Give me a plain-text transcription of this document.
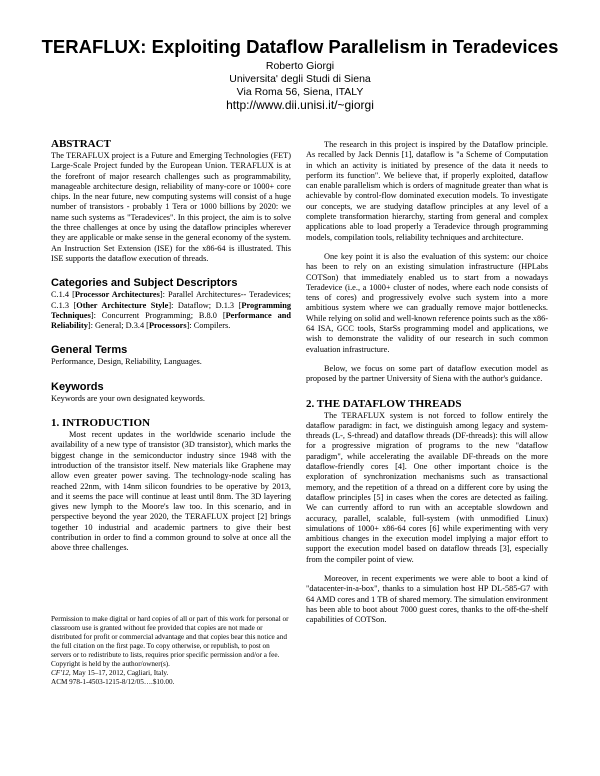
TERAFLUX: Exploiting Dataflow Parallelism in Teradevices
Roberto Giorgi
Universita' degli Studi di Siena
Via Roma 56, Siena, ITALY
http://www.dii.unisi.it/~giorgi
ABSTRACT

The TERAFLUX project is a Future and Emerging Technologies (FET) Large-Scale Project funded by the European Union. TERAFLUX is at the forefront of major research challenges such as programmability, manageable architecture design, reliability of many-core or 1000+ core chips. In the near future, new computing systems will consist of a huge number of transistors - probably 1 Tera or 1000 billions by 2020: we name such systems as "Teradevices". In this project, the aim is to solve the three challenges at once by using the dataflow principles wherever they are applicable or make sense in the general economy of the system. An Instruction Set Extension (ISE) for the x86-64 is illustrated. This ISE supports the dataflow execution of threads.

Categories and Subject Descriptors

C.1.4 [Processor Architectures]: Parallel Architectures-- Teradevices; C.1.3 [Other Architecture Style]: Dataflow; D.1.3 [Programming Techniques]: Concurrent Programming; B.8.0 [Performance and Reliability]: General; D.3.4 [Processors]: Compilers.

General Terms

Performance, Design, Reliability, Languages.

Keywords

Keywords are your own designated keywords.

1. INTRODUCTION

Most recent updates in the worldwide scenario include the availability of a new type of transistor (3D transistor), which marks the biggest change in the semiconductor industry since 1948 with the introduction of the transistor itself. New materials like Graphene may allow even greater power saving. The technology-node scaling has reached 22nm, with 14nm silicon foundries to be operative by 2013, and it seems the pace will continue at least until 8nm. The 3D layering gives new lymph to the Moore's law too. In this scenario, and in perspective beyond the year 2020, the TERAFLUX project [2] brings together 10 industrial and academic partners to give their best contribution in order to find a common ground to solve at once all the above three challenges.

Permission to make digital or hard copies of all or part of this work for personal or classroom use is granted without fee provided that copies are not made or distributed for profit or commercial advantage and that copies bear this notice and the full citation on the first page. To copy otherwise, or republish, to post on servers or to redistribute to lists, requires prior specific permission and/or a fee.

Copyright is held by the author/owner(s).

CF'12, May 15–17, 2012, Cagliari, Italy.

ACM 978-1-4503-1215-8/12/05….$10.00.

The research in this project is inspired by the Dataflow principle. As recalled by Jack Dennis [1], dataflow is "a Scheme of Computation in which an activity is initiated by presence of the data it needs to perform its function". We believe that, if properly exploited, dataflow can enable parallelism which is orders of magnitude greater than what is achievable by control-flow dominated execution models. To investigate our concepts, we are studying dataflow principles at any level of a complete transformation hierarchy, starting from general and complex applications able to load properly a Teradevice through programming models, compilation tools, reliability techniques and architecture.

One key point it is also the evaluation of this system: our choice has been to rely on an existing simulation infrastructure (HPLabs COTSon) that immediately enabled us to start from a nowadays Teradevice (i.e., a 1000+ cluster of nodes, where each node consists of tens of cores) and progressively evolve such system into a more ambitious system where we can gradually remove major bottlenecks. While relying on solid and well-known reference points such as the x86-64 ISA, GCC tools, StarSs programming model and applications, we wish to demonstrate the validity of our research in such common evaluation infrastructure.

Below, we focus on some part of dataflow execution model as proposed by the partner University of Siena with the author's guidance.

2. THE DATAFLOW THREADS

The TERAFLUX system is not forced to follow entirely the dataflow paradigm: in fact, we distinguish among legacy and system-threads (L-, S-thread) and dataflow threads (DF-threads): this will allow for a progressive migration of programs to the new "dataflow paradigm", while accelerating the available DF-threads on the more dataflow-friendly cores [4]. One other important choice is the exploration of synchronization mechanisms such as transactional memory, and the repetition of a thread on a different core by using the dataflow principles [5] in cases when the cores are detected as failing. We can currently afford to run with an acceptable slowdown and accuracy, parallel, scalable, full-system (with unmodified Linux) simulations of 1000+ x86-64 cores [6] while experimenting with very ambitious changes in the execution model implying a major effort to support the execution model based on dataflow threads [3], especially from the compiler point of view.

Moreover, in recent experiments we were able to boot a kind of "datacenter-in-a-box", thanks to a simulation host HP DL-585-G7 with 64 AMD cores and 1 TB of shared memory. The simulation environment has been able to boot about 7000 guest cores, thanks to the off-the-shelf capabilities of COTSon.
